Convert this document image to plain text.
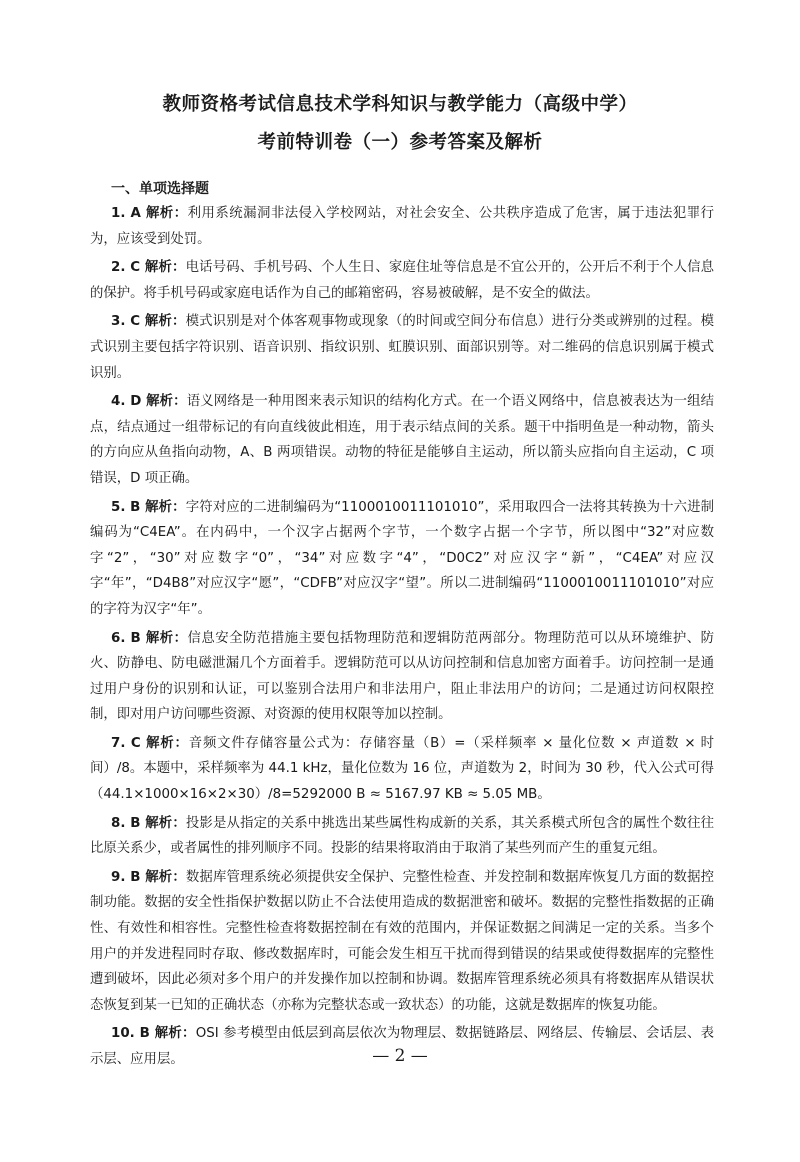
教师资格考试信息技术学科知识与教学能力（高级中学）
考前特训卷（一）参考答案及解析
一、单项选择题

1. A 解析：利用系统漏洞非法侵入学校网站，对社会安全、公共秩序造成了危害，属于违法犯罪行为，应该受到处罚。

2. C 解析：电话号码、手机号码、个人生日、家庭住址等信息是不宜公开的，公开后不利于个人信息的保护。将手机号码或家庭电话作为自己的邮箱密码，容易被破解，是不安全的做法。

3. C 解析：模式识别是对个体客观事物或现象（的时间或空间分布信息）进行分类或辨别的过程。模式识别主要包括字符识别、语音识别、指纹识别、虹膜识别、面部识别等。对二维码的信息识别属于模式识别。

4. D 解析：语义网络是一种用图来表示知识的结构化方式。在一个语义网络中，信息被表达为一组结点，结点通过一组带标记的有向直线彼此相连，用于表示结点间的关系。题干中指明鱼是一种动物，箭头的方向应从鱼指向动物，A、B 两项错误。动物的特征是能够自主运动，所以箭头应指向自主运动，C 项错误，D 项正确。

5. B 解析：字符对应的二进制编码为“1100010011101010”，采用取四合一法将其转换为十六进制编码为“C4EA”。在内码中，一个汉字占据两个字节，一个数字占据一个字节，所以图中“32”对应数字“2”，“30”对应数字“0”，“34”对应数字“4”，“D0C2”对应汉字“新”，“C4EA”对应汉字“年”，“D4B8”对应汉字“愿”，“CDFB”对应汉字“望”。所以二进制编码“1100010011101010”对应的字符为汉字“年”。

6. B 解析：信息安全防范措施主要包括物理防范和逻辑防范两部分。物理防范可以从环境维护、防火、防静电、防电磁泄漏几个方面着手。逻辑防范可以从访问控制和信息加密方面着手。访问控制一是通过用户身份的识别和认证，可以鉴别合法用户和非法用户，阻止非法用户的访问；二是通过访问权限控制，即对用户访问哪些资源、对资源的使用权限等加以控制。

7. C 解析：音频文件存储容量公式为：存储容量（B）=（采样频率 × 量化位数 × 声道数 × 时间）/8。本题中，采样频率为 44.1 kHz，量化位数为 16 位，声道数为 2，时间为 30 秒，代入公式可得（44.1×1000×16×2×30）/8=5292000 B ≈ 5167.97 KB ≈ 5.05 MB。

8. B 解析：投影是从指定的关系中挑选出某些属性构成新的关系，其关系模式所包含的属性个数往往比原关系少，或者属性的排列顺序不同。投影的结果将取消由于取消了某些列而产生的重复元组。

9. B 解析：数据库管理系统必须提供安全保护、完整性检查、并发控制和数据库恢复几方面的数据控制功能。数据的安全性指保护数据以防止不合法使用造成的数据泄密和破坏。数据的完整性指数据的正确性、有效性和相容性。完整性检查将数据控制在有效的范围内，并保证数据之间满足一定的关系。当多个用户的并发进程同时存取、修改数据库时，可能会发生相互干扰而得到错误的结果或使得数据库的完整性遭到破坏，因此必须对多个用户的并发操作加以控制和协调。数据库管理系统必须具有将数据库从错误状态恢复到某一已知的正确状态（亦称为完整状态或一致状态）的功能，这就是数据库的恢复功能。

10. B 解析：OSI 参考模型由低层到高层依次为物理层、数据链路层、网络层、传输层、会话层、表示层、应用层。	— 2 —
